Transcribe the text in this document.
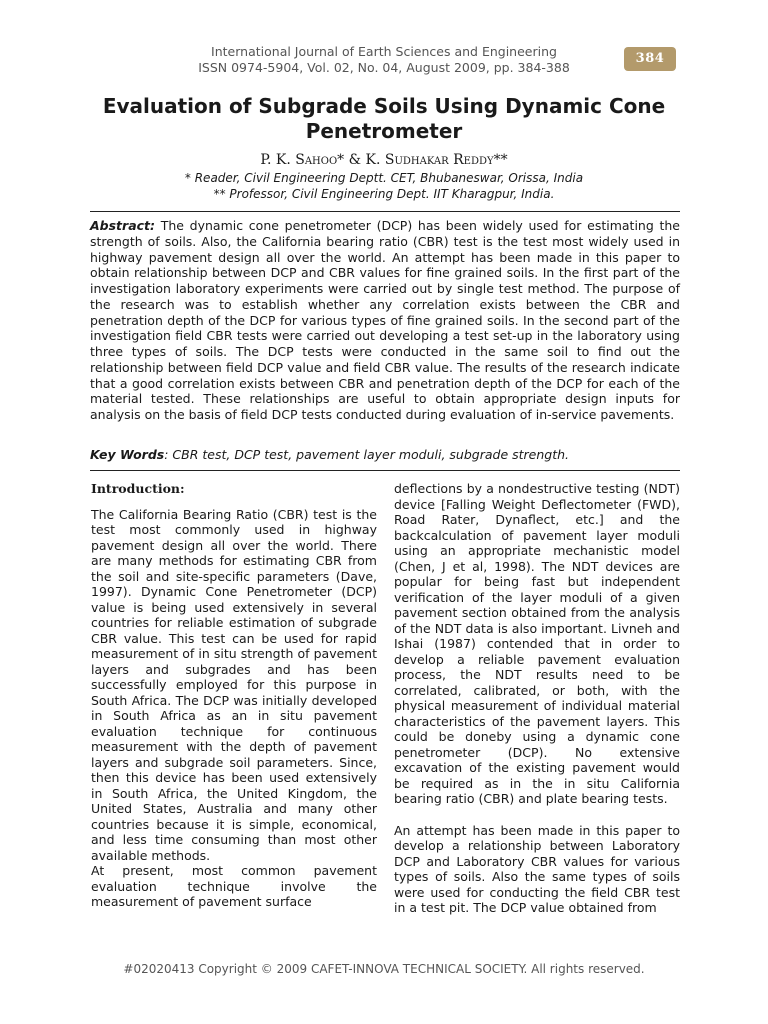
International Journal of Earth Sciences and Engineering
ISSN 0974-5904, Vol. 02, No. 04, August 2009, pp. 384-388
384
Evaluation of Subgrade Soils Using Dynamic Cone Penetrometer
P. K. Sahoo* & K. Sudhakar Reddy**
* Reader, Civil Engineering Deptt. CET, Bhubaneswar, Orissa, India
** Professor, Civil Engineering Dept. IIT Kharagpur, India.

Abstract: The dynamic cone penetrometer (DCP) has been widely used for estimating the strength of soils. Also, the California bearing ratio (CBR) test is the test most widely used in highway pavement design all over the world. An attempt has been made in this paper to obtain relationship between DCP and CBR values for fine grained soils. In the first part of the investigation laboratory experiments were carried out by single test method. The purpose of the research was to establish whether any correlation exists between the CBR and penetration depth of the DCP for various types of fine grained soils. In the second part of the investigation field CBR tests were carried out developing a test set-up in the laboratory using three types of soils. The DCP tests were conducted in the same soil to find out the relationship between field DCP value and field CBR value. The results of the research indicate that a good correlation exists between CBR and penetration depth of the DCP for each of the material tested. These relationships are useful to obtain appropriate design inputs for analysis on the basis of field DCP tests conducted during evaluation of in-service pavements.

Key Words: CBR test, DCP test, pavement layer moduli, subgrade strength.

Introduction:

The California Bearing Ratio (CBR) test is the test most commonly used in highway pavement design all over the world. There are many methods for estimating CBR from the soil and site-specific parameters (Dave, 1997). Dynamic Cone Penetrometer (DCP) value is being used extensively in several countries for reliable estimation of subgrade CBR value. This test can be used for rapid measurement of in situ strength of pavement layers and subgrades and has been successfully employed for this purpose in South Africa. The DCP was initially developed in South Africa as an in situ pavement evaluation technique for continuous measurement with the depth of pavement layers and subgrade soil parameters. Since, then this device has been used extensively in South Africa, the United Kingdom, the United States, Australia and many other countries because it is simple, economical, and less time consuming than most other available methods.

At present, most common pavement evaluation technique involve the measurement of pavement surface

deflections by a nondestructive testing (NDT) device [Falling Weight Deflectometer (FWD), Road Rater, Dynaflect, etc.] and the backcalculation of pavement layer moduli using an appropriate mechanistic model (Chen, J et al, 1998). The NDT devices are popular for being fast but independent verification of the layer moduli of a given pavement section obtained from the analysis of the NDT data is also important. Livneh and Ishai (1987) contended that in order to develop a reliable pavement evaluation process, the NDT results need to be correlated, calibrated, or both, with the physical measurement of individual material characteristics of the pavement layers. This could be doneby using a dynamic cone penetrometer (DCP). No extensive excavation of the existing pavement would be required as in the in situ California bearing ratio (CBR) and plate bearing tests.

An attempt has been made in this paper to develop a relationship between Laboratory DCP and Laboratory CBR values for various types of soils. Also the same types of soils were used for conducting the field CBR test in a test pit. The DCP value obtained from

#02020413 Copyright © 2009 CAFET-INNOVA TECHNICAL SOCIETY. All rights reserved.
